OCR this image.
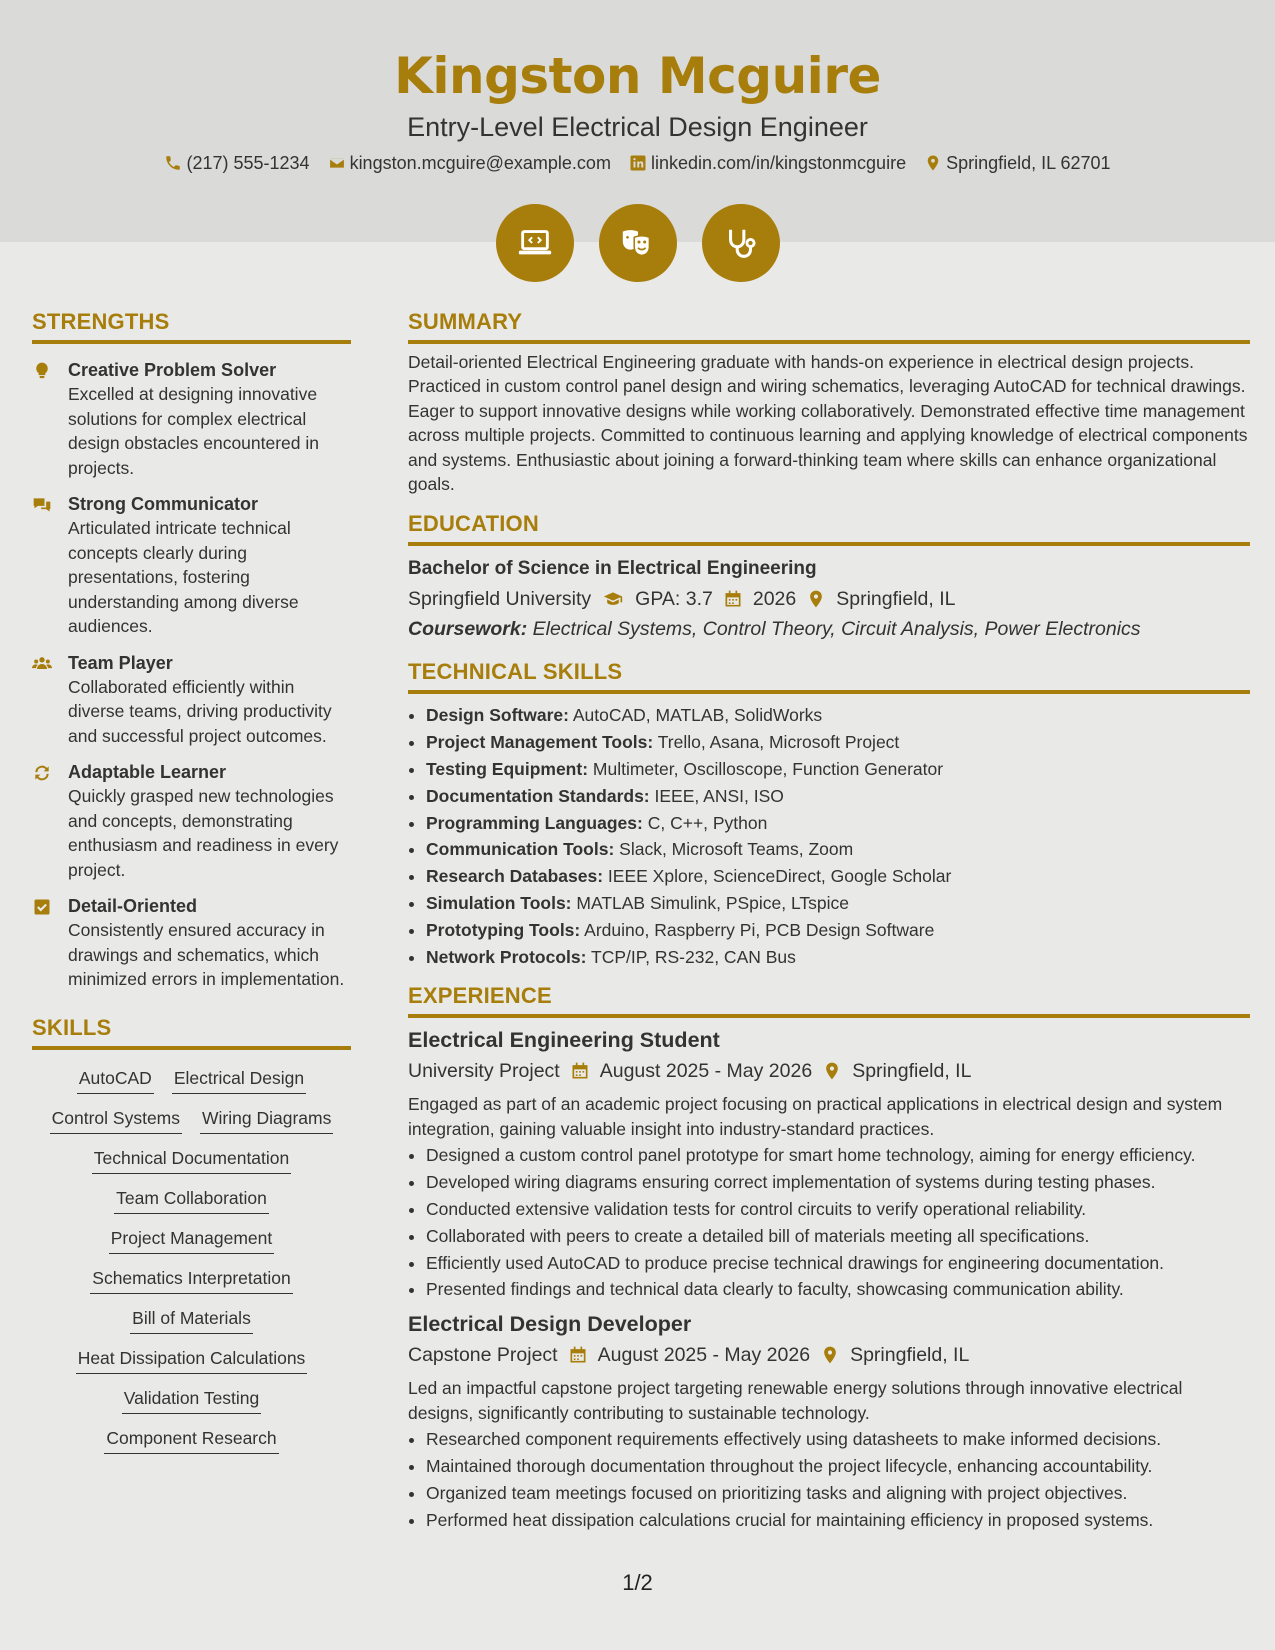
Kingston Mcguire
Entry-Level Electrical Design Engineer
(217) 555-1234 kingston.mcguire@example.com linkedin.com/in/kingstonmcguire Springfield, IL 62701
STRENGTHS
Creative Problem Solver

Excelled at designing innovative solutions for complex electrical design obstacles encountered in projects.

Strong Communicator

Articulated intricate technical concepts clearly during presentations, fostering understanding among diverse audiences.

Team Player

Collaborated efficiently within diverse teams, driving productivity and successful project outcomes.

Adaptable Learner

Quickly grasped new technologies and concepts, demonstrating enthusiasm and readiness in every project.

Detail-Oriented

Consistently ensured accuracy in drawings and schematics, which minimized errors in implementation.

SKILLS
AutoCAD Electrical Design
Control Systems Wiring Diagrams
Technical Documentation
Team Collaboration
Project Management
Schematics Interpretation
Bill of Materials
Heat Dissipation Calculations
Validation Testing
Component Research
SUMMARY

Detail-oriented Electrical Engineering graduate with hands-on experience in electrical design projects. Practiced in custom control panel design and wiring schematics, leveraging AutoCAD for technical drawings. Eager to support innovative designs while working collaboratively. Demonstrated effective time management across multiple projects. Committed to continuous learning and applying knowledge of electrical components and systems. Enthusiastic about joining a forward-thinking team where skills can enhance organizational goals.

EDUCATION
Bachelor of Science in Electrical Engineering
Springfield University GPA: 3.7 2026 Springfield, IL
Coursework: Electrical Systems, Control Theory, Circuit Analysis, Power Electronics
TECHNICAL SKILLS
• Design Software: AutoCAD, MATLAB, SolidWorks
• Project Management Tools: Trello, Asana, Microsoft Project
• Testing Equipment: Multimeter, Oscilloscope, Function Generator
• Documentation Standards: IEEE, ANSI, ISO
• Programming Languages: C, C++, Python
• Communication Tools: Slack, Microsoft Teams, Zoom
• Research Databases: IEEE Xplore, ScienceDirect, Google Scholar
• Simulation Tools: MATLAB Simulink, PSpice, LTspice
• Prototyping Tools: Arduino, Raspberry Pi, PCB Design Software
• Network Protocols: TCP/IP, RS-232, CAN Bus
EXPERIENCE
Electrical Engineering Student
University Project August 2025 - May 2026 Springfield, IL

Engaged as part of an academic project focusing on practical applications in electrical design and system integration, gaining valuable insight into industry-standard practices.

• Designed a custom control panel prototype for smart home technology, aiming for energy efficiency.
• Developed wiring diagrams ensuring correct implementation of systems during testing phases.
• Conducted extensive validation tests for control circuits to verify operational reliability.
• Collaborated with peers to create a detailed bill of materials meeting all specifications.
• Efficiently used AutoCAD to produce precise technical drawings for engineering documentation.
• Presented findings and technical data clearly to faculty, showcasing communication ability.
Electrical Design Developer
Capstone Project August 2025 - May 2026 Springfield, IL

Led an impactful capstone project targeting renewable energy solutions through innovative electrical designs, significantly contributing to sustainable technology.

• Researched component requirements effectively using datasheets to make informed decisions.
• Maintained thorough documentation throughout the project lifecycle, enhancing accountability.
• Organized team meetings focused on prioritizing tasks and aligning with project objectives.
• Performed heat dissipation calculations crucial for maintaining efficiency in proposed systems.
1/2
